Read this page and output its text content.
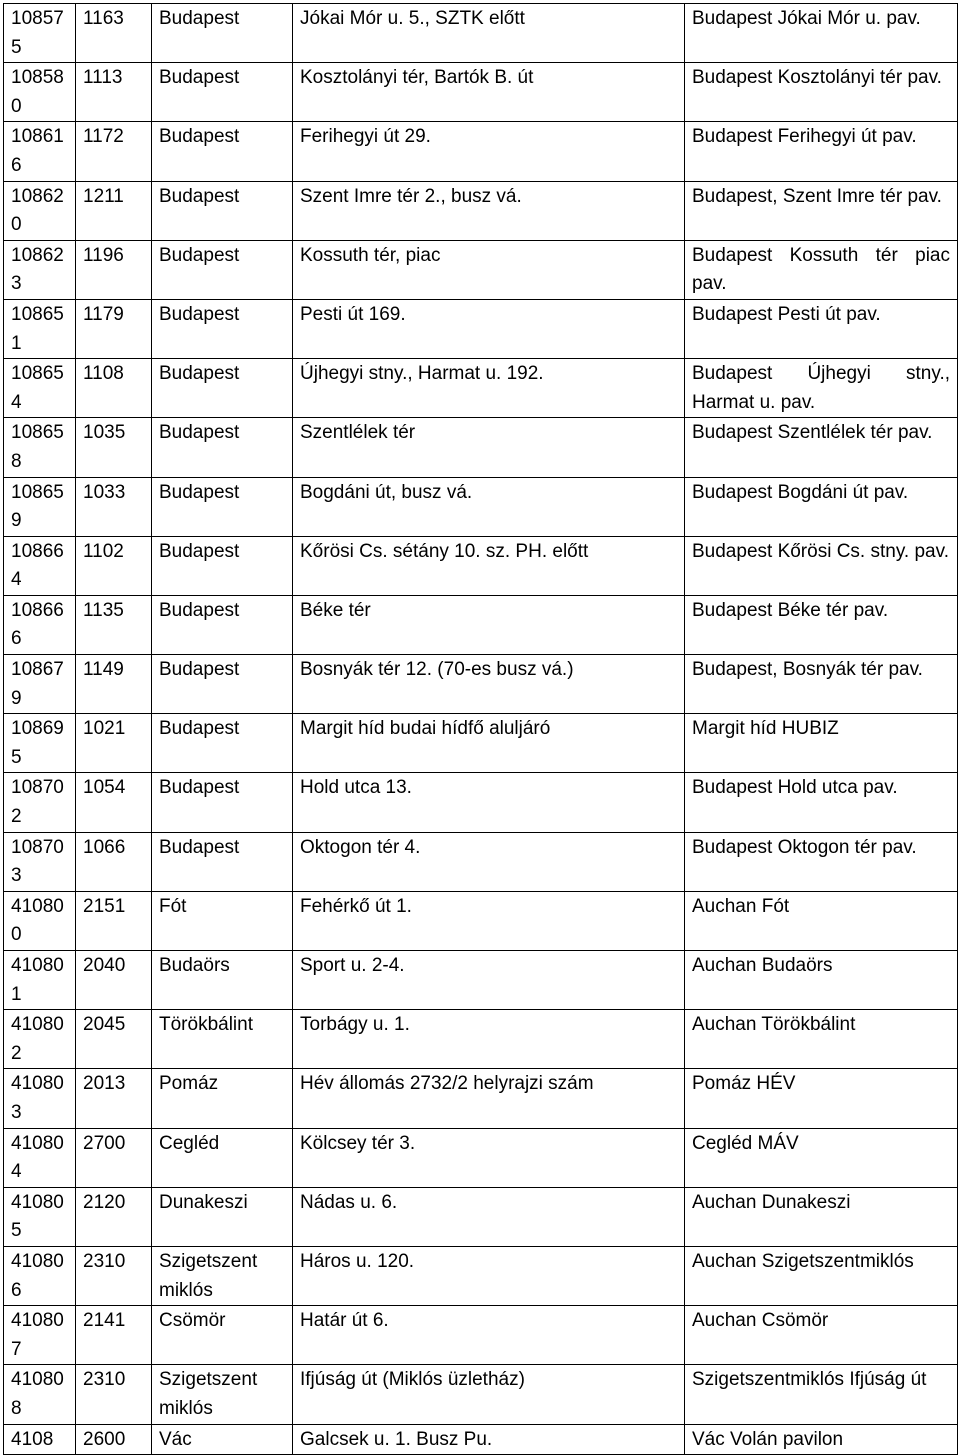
108575	1163	Budapest	Jókai Mór u. 5., SZTK előtt	Budapest Jókai Mór u. pav.
108580	1113	Budapest	Kosztolányi tér, Bartók B. út	Budapest Kosztolányi tér pav.
108616	1172	Budapest	Ferihegyi út 29.	Budapest Ferihegyi út pav.
108620	1211	Budapest	Szent Imre tér 2., busz vá.	Budapest, Szent Imre tér pav.
108623	1196	Budapest	Kossuth tér, piac	Budapest Kossuth tér piac pav.
108651	1179	Budapest	Pesti út 169.	Budapest Pesti út pav.
108654	1108	Budapest	Újhegyi stny., Harmat u. 192.	Budapest Újhegyi stny., Harmat u. pav.
108658	1035	Budapest	Szentlélek tér	Budapest Szentlélek tér pav.
108659	1033	Budapest	Bogdáni út, busz vá.	Budapest Bogdáni út pav.
108664	1102	Budapest	Kőrösi Cs. sétány 10. sz. PH. előtt	Budapest Kőrösi Cs. stny. pav.
108666	1135	Budapest	Béke tér	Budapest Béke tér pav.
108679	1149	Budapest	Bosnyák tér 12. (70-es busz vá.)	Budapest, Bosnyák tér pav.
108695	1021	Budapest	Margit híd budai hídfő aluljáró	Margit híd HUBIZ
108702	1054	Budapest	Hold utca 13.	Budapest Hold utca pav.
108703	1066	Budapest	Oktogon tér 4.	Budapest Oktogon tér pav.
410800	2151	Fót	Fehérkő út 1.	Auchan Fót
410801	2040	Budaörs	Sport u. 2-4.	Auchan Budaörs
410802	2045	Törökbálint	Torbágy u. 1.	Auchan Törökbálint
410803	2013	Pomáz	Hév állomás 2732/2 helyrajzi szám	Pomáz HÉV
410804	2700	Cegléd	Kölcsey tér 3.	Cegléd MÁV
410805	2120	Dunakeszi	Nádas u. 6.	Auchan Dunakeszi
410806	2310	Szigetszent miklós	Háros u. 120.	Auchan Szigetszentmiklós
410807	2141	Csömör	Határ út 6.	Auchan Csömör
410808	2310	Szigetszent miklós	Ifjúság út (Miklós üzletház)	Szigetszentmiklós Ifjúság út
4108	2600	Vác	Galcsek u. 1. Busz Pu.	Vác Volán pavilon
